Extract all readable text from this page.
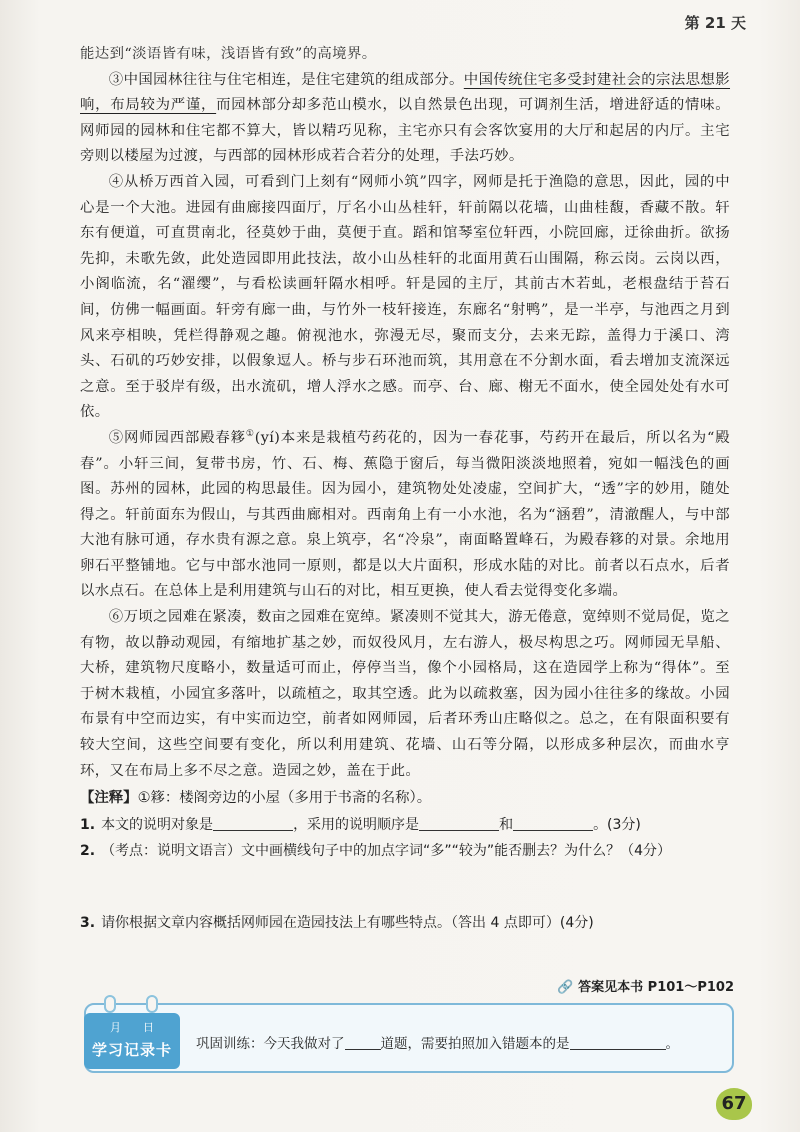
第 21 天

能达到“淡语皆有味，浅语皆有致”的高境界。

③中国园林往往与住宅相连，是住宅建筑的组成部分。中国传统住宅多受封建社会的宗法思想影响，布局较为严谨，而园林部分却多范山模水，以自然景色出现，可调剂生活，增进舒适的情味。网师园的园林和住宅都不算大，皆以精巧见称，主宅亦只有会客饮宴用的大厅和起居的内厅。主宅旁则以楼屋为过渡，与西部的园林形成若合若分的处理，手法巧妙。

④从桥万西首入园，可看到门上刻有“网师小筑”四字，网师是托于渔隐的意思，因此，园的中心是一个大池。进园有曲廊接四面厅，厅名小山丛桂轩，轩前隔以花墙，山曲桂馥，香藏不散。轩东有便道，可直贯南北，径莫妙于曲，莫便于直。蹈和馆琴室位轩西，小院回廊，迂徐曲折。欲扬先抑，未歌先敛，此处造园即用此技法，故小山丛桂轩的北面用黄石山围隔，称云岗。云岗以西，小阁临流，名“濯缨”，与看松读画轩隔水相呼。轩是园的主厅，其前古木若虬，老根盘结于苔石间，仿佛一幅画面。轩旁有廊一曲，与竹外一枝轩接连，东廊名“射鸭”，是一半亭，与池西之月到风来亭相映，凭栏得静观之趣。俯视池水，弥漫无尽，聚而支分，去来无踪，盖得力于溪口、湾头、石矶的巧妙安排，以假象逗人。桥与步石环池而筑，其用意在不分割水面，看去增加支流深远之意。至于驳岸有级，出水流矶，增人浮水之感。而亭、台、廊、榭无不面水，使全园处处有水可依。

⑤网师园西部殿春簃①(yí)本来是栽植芍药花的，因为一春花事，芍药开在最后，所以名为“殿春”。小轩三间，复带书房，竹、石、梅、蕉隐于窗后，每当微阳淡淡地照着，宛如一幅浅色的画图。苏州的园林，此园的构思最佳。因为园小，建筑物处处凌虚，空间扩大，“透”字的妙用，随处得之。轩前面东为假山，与其西曲廊相对。西南角上有一小水池，名为“涵碧”，清澈醒人，与中部大池有脉可通，存水贵有源之意。泉上筑亭，名“冷泉”，南面略置峰石，为殿春簃的对景。余地用卵石平整铺地。它与中部水池同一原则，都是以大片面积，形成水陆的对比。前者以石点水，后者以水点石。在总体上是利用建筑与山石的对比，相互更换，使人看去觉得变化多端。

⑥万顷之园难在紧凑，数亩之园难在宽绰。紧凑则不觉其大，游无倦意，宽绰则不觉局促，览之有物，故以静动观园，有缩地扩基之妙，而奴役风月，左右游人，极尽构思之巧。网师园无旱船、大桥，建筑物尺度略小，数量适可而止，停停当当，像个小园格局，这在造园学上称为“得体”。至于树木栽植，小园宜多落叶，以疏植之，取其空透。此为以疏救塞，因为园小往往多的缘故。小园布景有中空而边实，有中实而边空，前者如网师园，后者环秀山庄略似之。总之，在有限面积要有较大空间，这些空间要有变化，所以利用建筑、花墙、山石等分隔，以形成多种层次，而曲水亨环，又在布局上多不尽之意。造园之妙，盖在于此。

【注释】①簃：楼阁旁边的小屋（多用于书斋的名称）。
1. 本文的说明对象是	，采用的说明顺序是	和	。(3分)
2. （考点：说明文语言）文中画横线句子中的加点字词“多”“较为”能否删去？为什么？（4分）
3. 请你根据文章内容概括网师园在造园技法上有哪些特点。（答出 4 点即可）(4分)
🔗 答案见本书 P101～P102
月　　日
学习记录卡	巩固训练：今天我做对了	道题，需要拍照加入错题本的是	。
67
